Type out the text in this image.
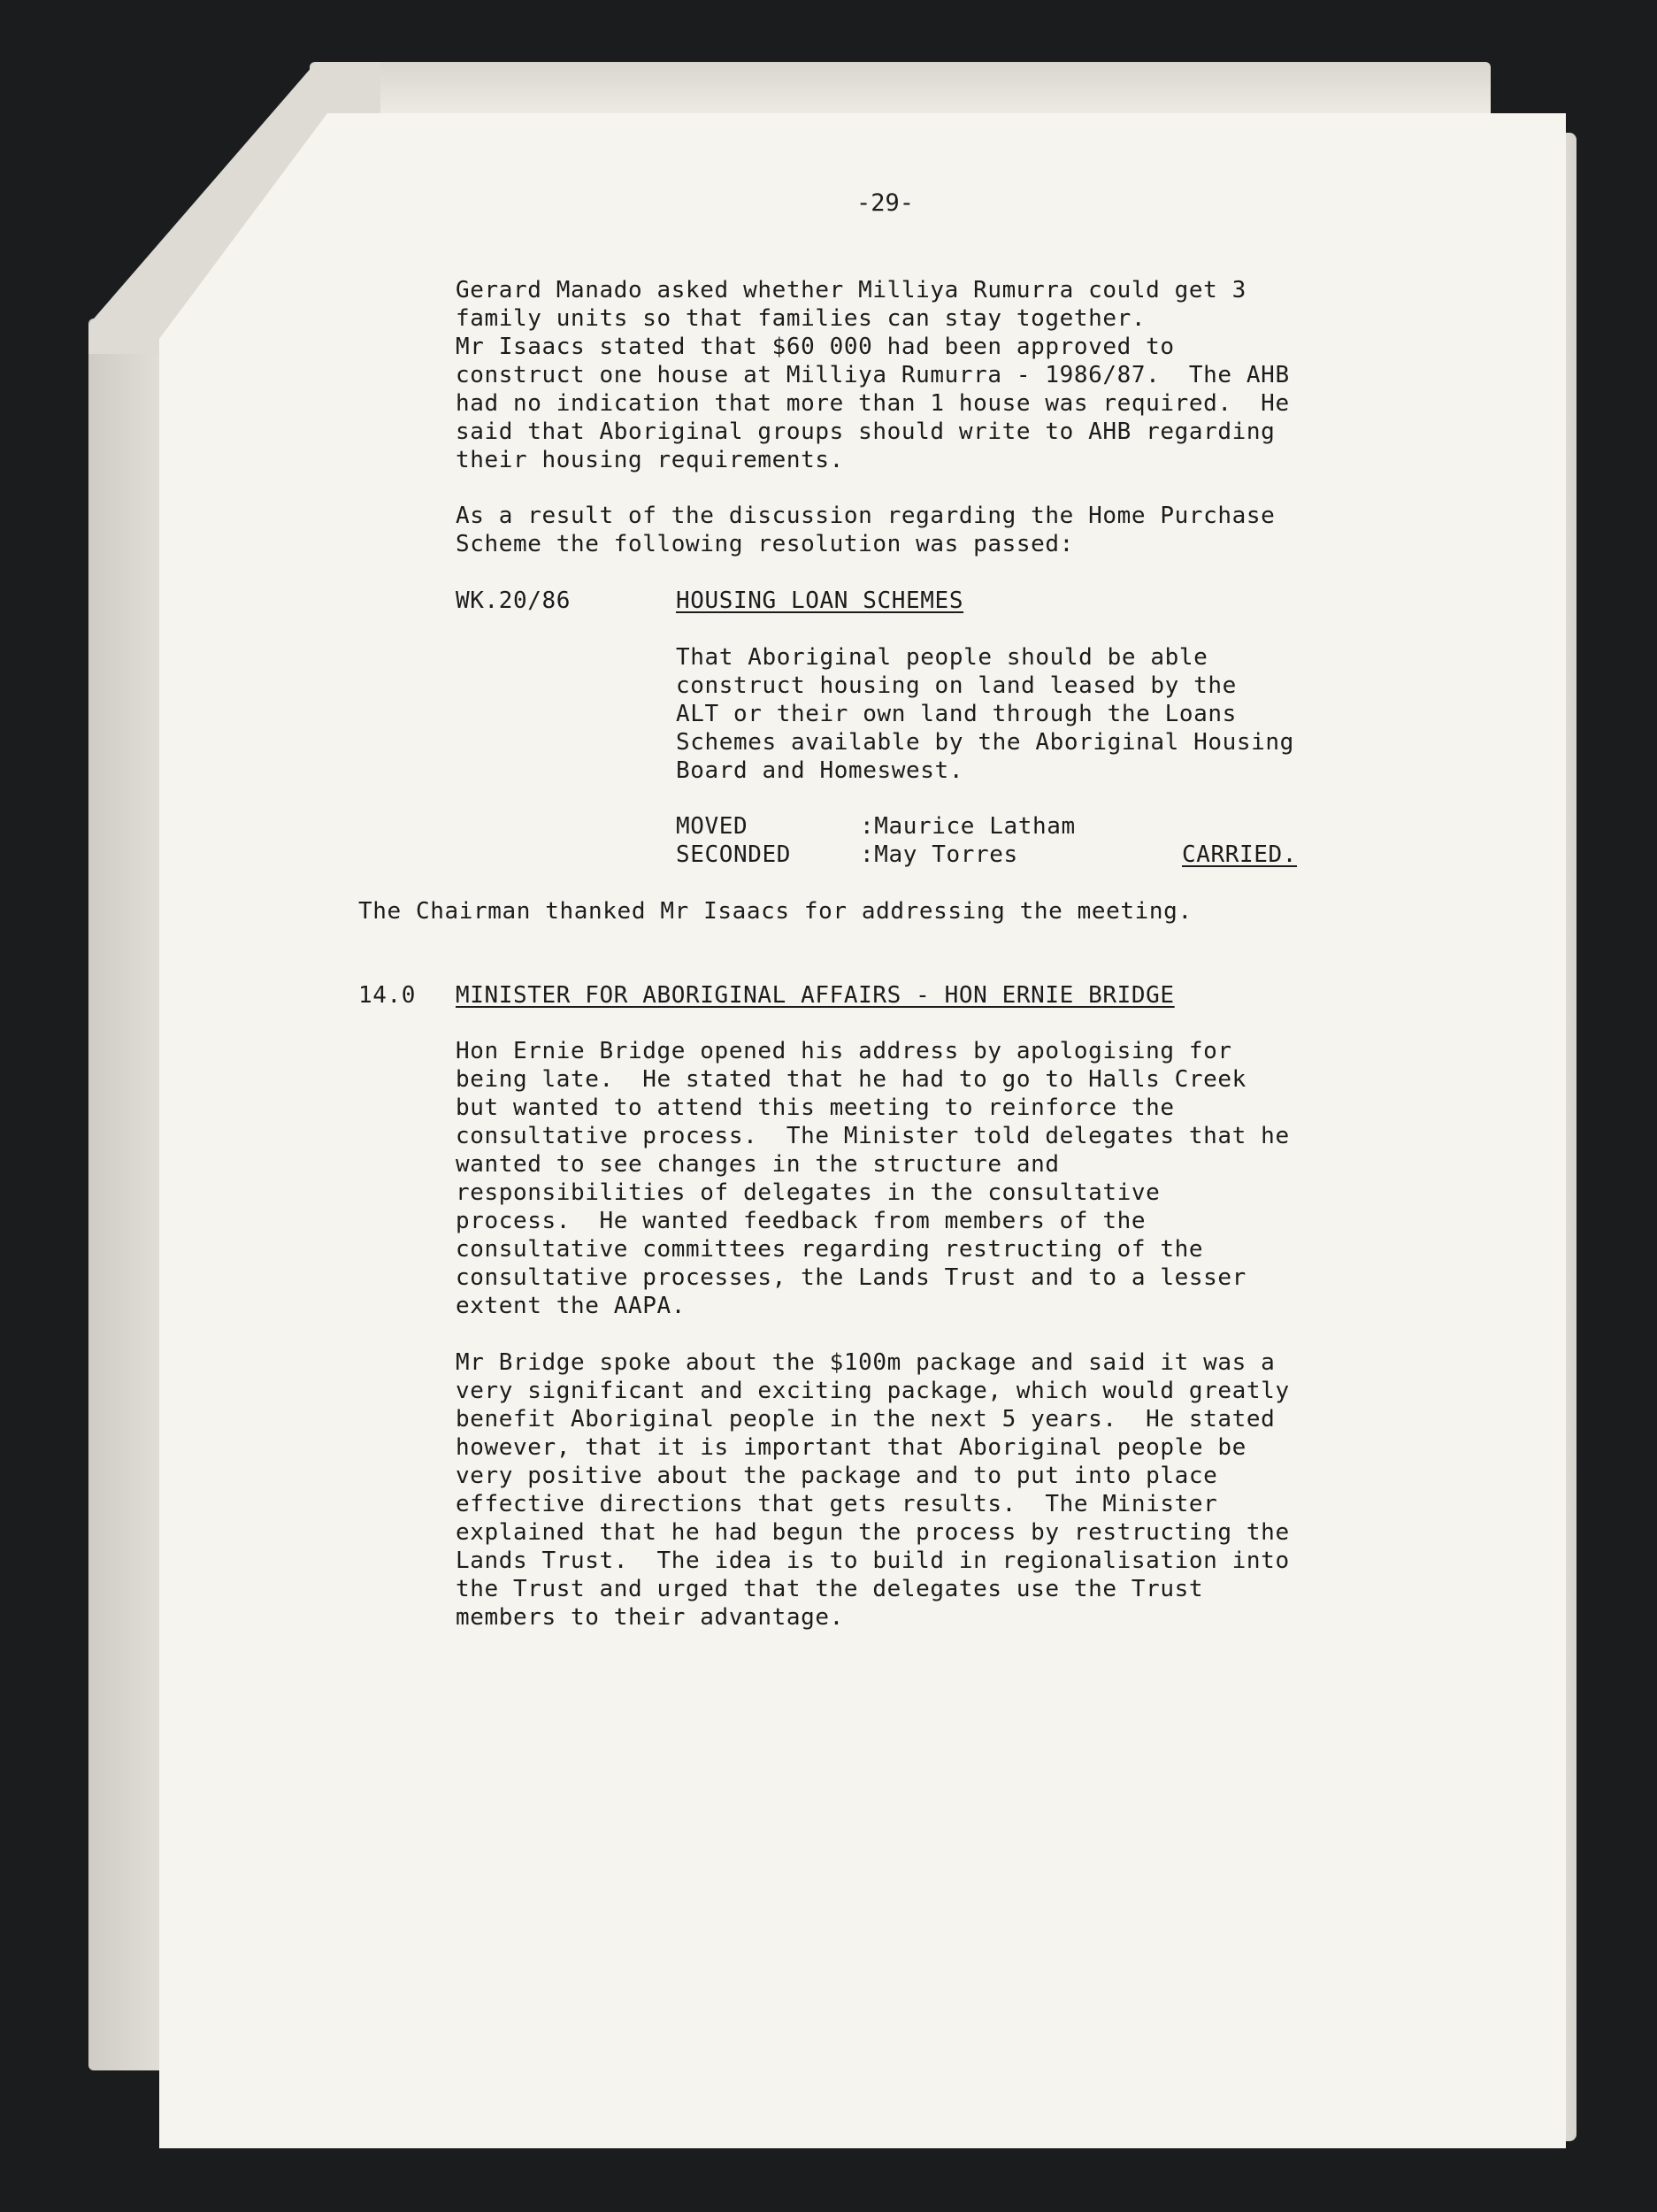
-29-
Gerard Manado asked whether Milliya Rumurra could get 3
family units so that families can stay together.
Mr Isaacs stated that $60 000 had been approved to
construct one house at Milliya Rumurra - 1986/87.  The AHB
had no indication that more than 1 house was required.  He
said that Aboriginal groups should write to AHB regarding
their housing requirements.
As a result of the discussion regarding the Home Purchase
Scheme the following resolution was passed:
WK.20/86	HOUSING LOAN SCHEMES
That Aboriginal people should be able
construct housing on land leased by the
ALT or their own land through the Loans
Schemes available by the Aboriginal Housing
Board and Homeswest.
MOVED	:Maurice Latham
SECONDED	:May Torres	CARRIED.
The Chairman thanked Mr Isaacs for addressing the meeting.
14.0 MINISTER FOR ABORIGINAL AFFAIRS - HON ERNIE BRIDGE
Hon Ernie Bridge opened his address by apologising for
being late.  He stated that he had to go to Halls Creek
but wanted to attend this meeting to reinforce the
consultative process.  The Minister told delegates that he
wanted to see changes in the structure and
responsibilities of delegates in the consultative
process.  He wanted feedback from members of the
consultative committees regarding restructing of the
consultative processes, the Lands Trust and to a lesser
extent the AAPA.
Mr Bridge spoke about the $100m package and said it was a
very significant and exciting package, which would greatly
benefit Aboriginal people in the next 5 years.  He stated
however, that it is important that Aboriginal people be
very positive about the package and to put into place
effective directions that gets results.  The Minister
explained that he had begun the process by restructing the
Lands Trust.  The idea is to build in regionalisation into
the Trust and urged that the delegates use the Trust
members to their advantage.
